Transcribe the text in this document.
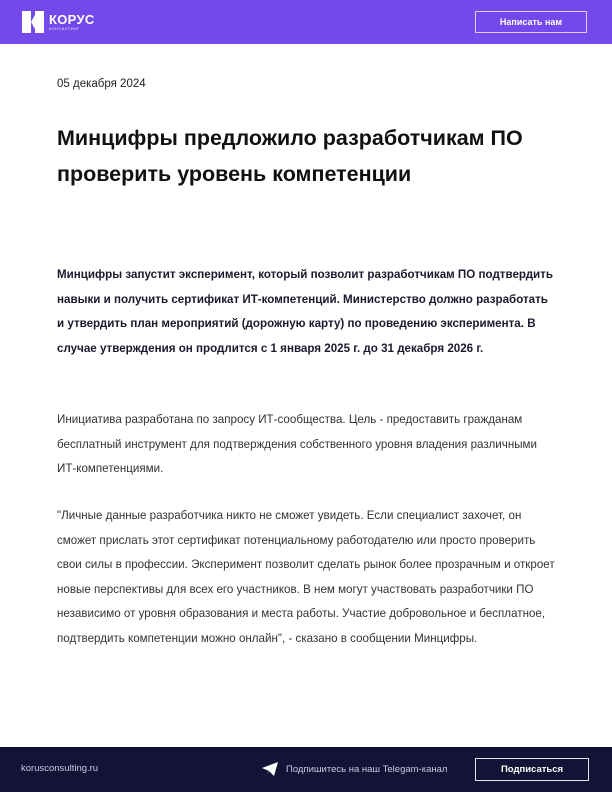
КОРУС
КОНСАЛТИНГ
Написать нам
05 декабря 2024
Минцифры предложило разработчикам ПО проверить уровень компетенции

Минцифры запустит эксперимент, который позволит разработчикам ПО подтвердить навыки и получить сертификат ИТ-компетенций. Министерство должно разработать и утвердить план мероприятий (дорожную карту) по проведению эксперимента. В случае утверждения он продлится с 1 января 2025 г. до 31 декабря 2026 г.

Инициатива разработана по запросу ИТ-сообщества. Цель - предоставить гражданам бесплатный инструмент для подтверждения собственного уровня владения различными ИТ-компетенциями.

"Личные данные разработчика никто не сможет увидеть. Если специалист захочет, он сможет прислать этот сертификат потенциальному работодателю или просто проверить свои силы в профессии. Эксперимент позволит сделать рынок более прозрачным и откроет новые перспективы для всех его участников. В нем могут участвовать разработчики ПО независимо от уровня образования и места работы. Участие добровольное и бесплатное, подтвердить компетенции можно онлайн", - сказано в сообщении Минцифры.

korusconsulting.ru	Подпишитесь на наш Telegam-канал	Подписаться
